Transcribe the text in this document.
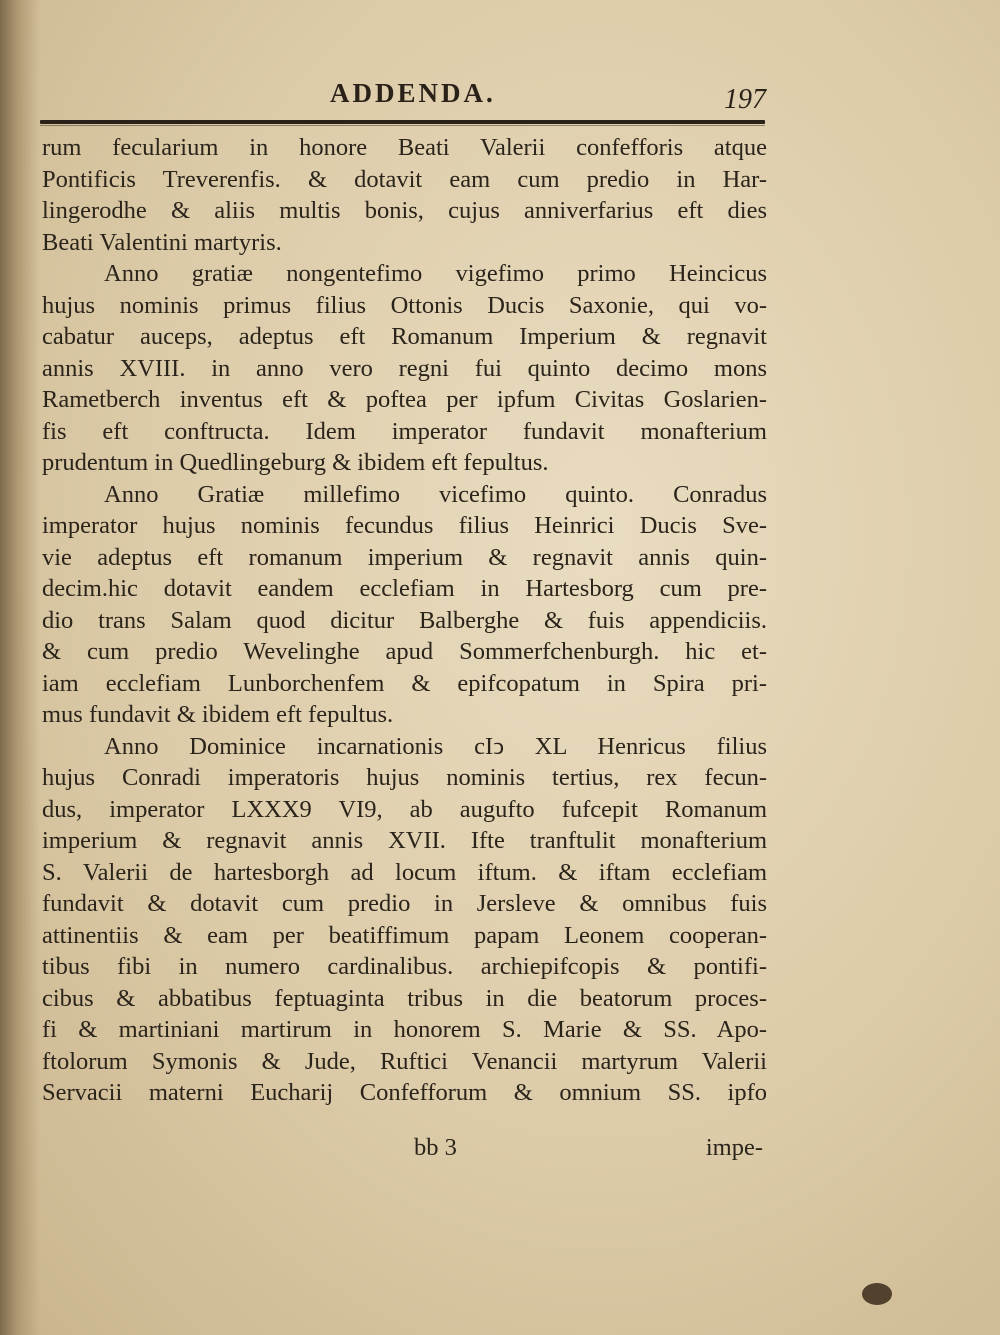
ADDENDA.	197
rum fecularium in honore Beati Valerii confefforis atque
Pontificis Treverenfis. & dotavit eam cum predio in Har-
lingerodhe & aliis multis bonis, cujus anniverfarius eft dies
Beati Valentini martyris.
Anno gratiæ nongentefimo vigefimo primo Heincicus
hujus nominis primus filius Ottonis Ducis Saxonie, qui vo-
cabatur auceps, adeptus eft Romanum Imperium & regnavit
annis XVIII. in anno vero regni fui quinto decimo mons
Rametberch inventus eft & poftea per ipfum Civitas Goslarien-
fis eft conftructa. Idem imperator fundavit monafterium
prudentum in Quedlingeburg & ibidem eft fepultus.
Anno Gratiæ millefimo vicefimo quinto. Conradus
imperator hujus nominis fecundus filius Heinrici Ducis Sve-
vie adeptus eft romanum imperium & regnavit annis quin-
decim.hic dotavit eandem ecclefiam in Hartesborg cum pre-
dio trans Salam quod dicitur Balberghe & fuis appendiciis.
& cum predio Wevelinghe apud Sommerfchenburgh. hic et-
iam ecclefiam Lunborchenfem & epifcopatum in Spira pri-
mus fundavit & ibidem eft fepultus.
Anno Dominice incarnationis cIↄ XL Henricus filius
hujus Conradi imperatoris hujus nominis tertius, rex fecun-
dus, imperator LXXX9 VI9, ab augufto fufcepit Romanum
imperium & regnavit annis XVII. Ifte tranftulit monafterium
S. Valerii de hartesborgh ad locum iftum. & iftam ecclefiam
fundavit & dotavit cum predio in Jersleve & omnibus fuis
attinentiis & eam per beatiffimum papam Leonem cooperan-
tibus fibi in numero cardinalibus. archiepifcopis & pontifi-
cibus & abbatibus feptuaginta tribus in die beatorum proces-
fi & martiniani martirum in honorem S. Marie & SS. Apo-
ftolorum Symonis & Jude, Ruftici Venancii martyrum Valerii
Servacii materni Eucharij Confefforum & omnium SS. ipfo
bb 3	impe-
